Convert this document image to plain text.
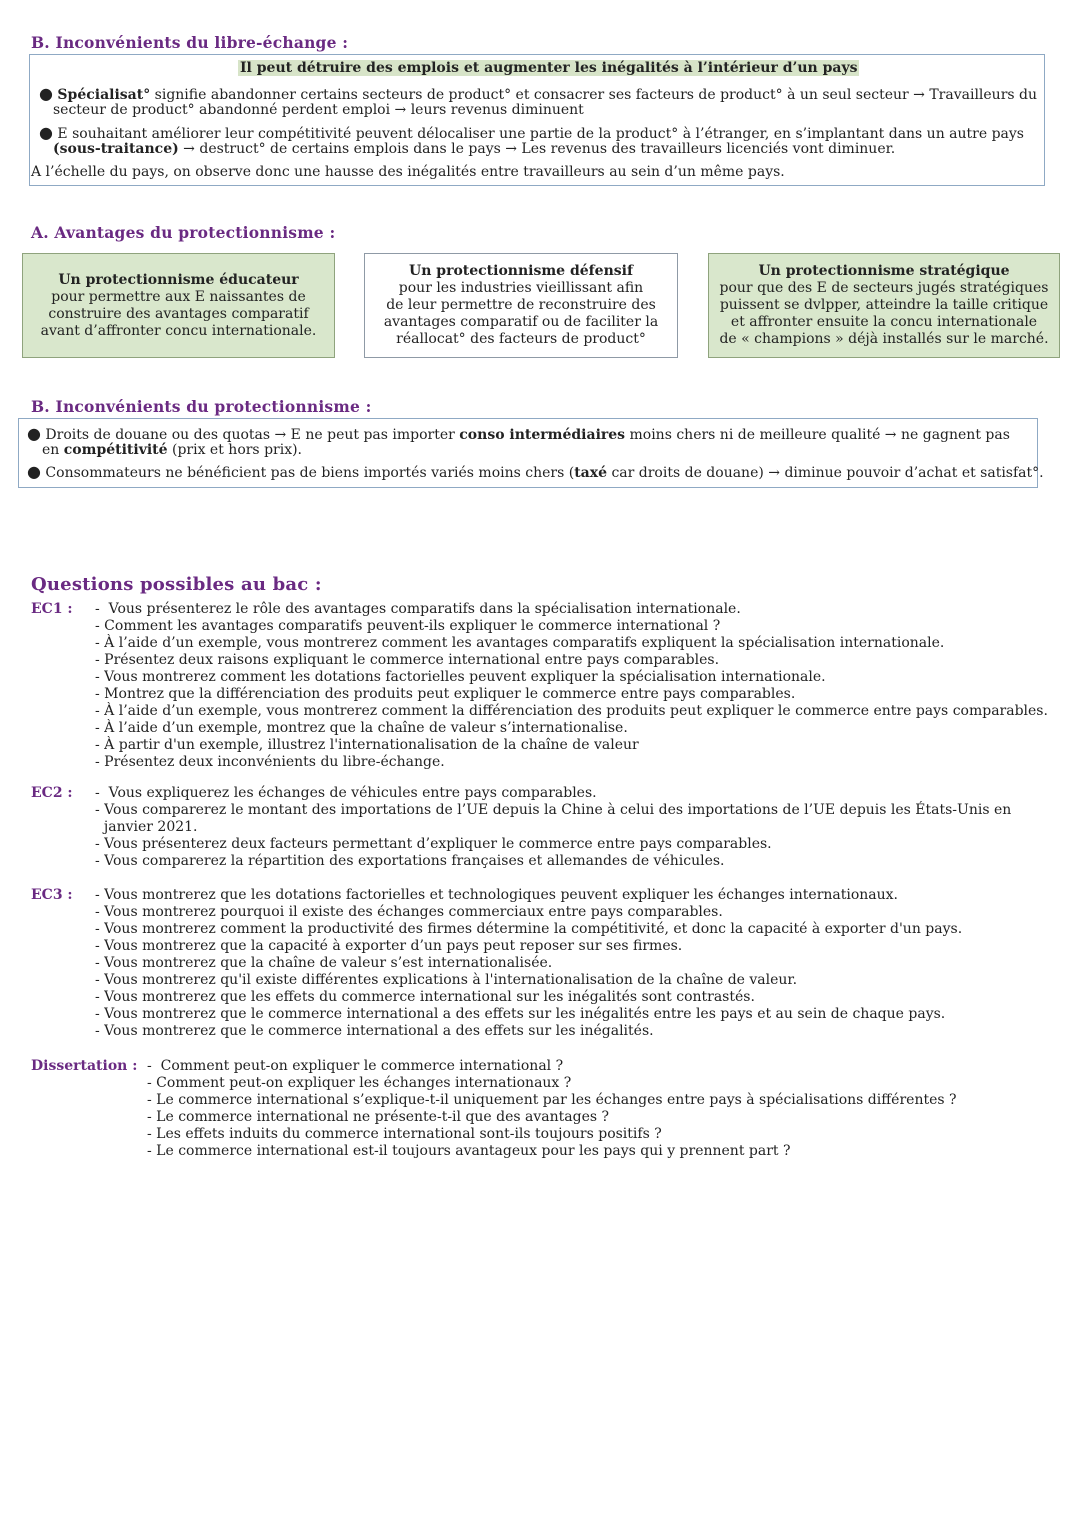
B. Inconvénients du libre-échange :
Il peut détruire des emplois et augmenter les inégalités à l’intérieur d’un pays
● Spécialisat° signifie abandonner certains secteurs de product° et consacrer ses facteurs de product° à un seul secteur → Travailleurs du
secteur de product° abandonné perdent emploi → leurs revenus diminuent
● E souhaitant améliorer leur compétitivité peuvent délocaliser une partie de la product° à l’étranger, en s’implantant dans un autre pays
(sous-traitance) → destruct° de certains emplois dans le pays → Les revenus des travailleurs licenciés vont diminuer.
A l’échelle du pays, on observe donc une hausse des inégalités entre travailleurs au sein d’un même pays.
A. Avantages du protectionnisme :
Un protectionnisme éducateur
pour permettre aux E naissantes de
construire des avantages comparatif
avant d’affronter concu internationale.
Un protectionnisme défensif
pour les industries vieillissant afin
de leur permettre de reconstruire des
avantages comparatif ou de faciliter la
réallocat° des facteurs de product°
Un protectionnisme stratégique
pour que des E de secteurs jugés stratégiques
puissent se dvlpper, atteindre la taille critique
et affronter ensuite la concu internationale
de « champions » déjà installés sur le marché.
B. Inconvénients du protectionnisme :
● Droits de douane ou des quotas → E ne peut pas importer conso intermédiaires moins chers ni de meilleure qualité → ne gagnent pas
en compétitivité (prix et hors prix).
● Consommateurs ne bénéficient pas de biens importés variés moins chers (taxé car droits de douane) → diminue pouvoir d’achat et satisfat°.
Questions possibles au bac :
EC1 : -  Vous présenterez le rôle des avantages comparatifs dans la spécialisation internationale.
- Comment les avantages comparatifs peuvent-ils expliquer le commerce international ?
- À l’aide d’un exemple, vous montrerez comment les avantages comparatifs expliquent la spécialisation internationale.
- Présentez deux raisons expliquant le commerce international entre pays comparables.
- Vous montrerez comment les dotations factorielles peuvent expliquer la spécialisation internationale.
- Montrez que la différenciation des produits peut expliquer le commerce entre pays comparables.
- À l’aide d’un exemple, vous montrerez comment la différenciation des produits peut expliquer le commerce entre pays comparables.
- À l’aide d’un exemple, montrez que la chaîne de valeur s’internationalise.
- À partir d'un exemple, illustrez l'internationalisation de la chaîne de valeur
- Présentez deux inconvénients du libre-échange.
EC2 : -  Vous expliquerez les échanges de véhicules entre pays comparables.
- Vous comparerez le montant des importations de l’UE depuis la Chine à celui des importations de l’UE depuis les États-Unis en
janvier 2021.
- Vous présenterez deux facteurs permettant d’expliquer le commerce entre pays comparables.
- Vous comparerez la répartition des exportations françaises et allemandes de véhicules.
EC3 : - Vous montrerez que les dotations factorielles et technologiques peuvent expliquer les échanges internationaux.
- Vous montrerez pourquoi il existe des échanges commerciaux entre pays comparables.
- Vous montrerez comment la productivité des firmes détermine la compétitivité, et donc la capacité à exporter d'un pays.
- Vous montrerez que la capacité à exporter d’un pays peut reposer sur ses firmes.
- Vous montrerez que la chaîne de valeur s’est internationalisée.
- Vous montrerez qu'il existe différentes explications à l'internationalisation de la chaîne de valeur.
- Vous montrerez que les effets du commerce international sur les inégalités sont contrastés.
- Vous montrerez que le commerce international a des effets sur les inégalités entre les pays et au sein de chaque pays.
- Vous montrerez que le commerce international a des effets sur les inégalités.
Dissertation : -  Comment peut-on expliquer le commerce international ?
- Comment peut-on expliquer les échanges internationaux ?
- Le commerce international s’explique-t-il uniquement par les échanges entre pays à spécialisations différentes ?
- Le commerce international ne présente-t-il que des avantages ?
- Les effets induits du commerce international sont-ils toujours positifs ?
- Le commerce international est-il toujours avantageux pour les pays qui y prennent part ?
